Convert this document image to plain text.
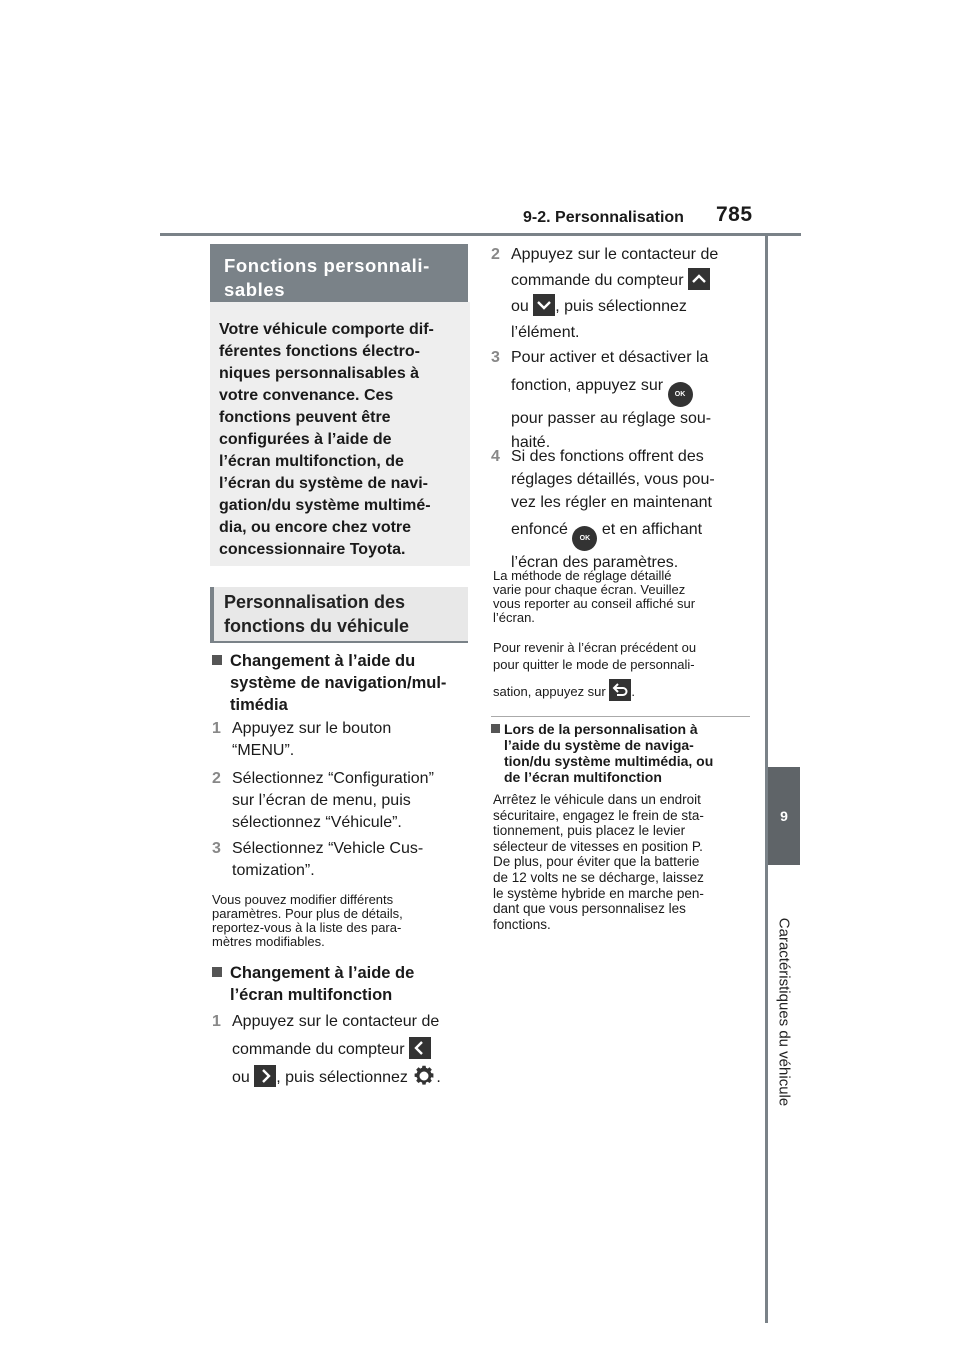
9-2. Personnalisation 785
9
Caractéristiques du véhicule
Fonctions personnali-
sables
Votre véhicule comporte dif-
férentes fonctions électro-
niques personnalisables à
votre convenance. Ces
fonctions peuvent être
configurées à l’aide de
l’écran multifonction, de
l’écran du système de navi-
gation/du système multimé-
dia, ou encore chez votre
concessionnaire Toyota.
Personnalisation des
fonctions du véhicule
Changement à l’aide du
système de navigation/mul-
timédia
1 Appuyez sur le bouton
“MENU”.
2 Sélectionnez “Configuration”
sur l’écran de menu, puis
sélectionnez “Véhicule”.
3 Sélectionnez “Vehicle Cus-
tomization”.
Vous pouvez modifier différents
paramètres. Pour plus de détails,
reportez-vous à la liste des para-
mètres modifiables.
Changement à l’aide de
l’écran multifonction
1 Appuyez sur le contacteur de
commande du compteur

ou , puis sélectionnez .
2 Appuyez sur le contacteur de
commande du compteur

ou , puis sélectionnez
l’élément.
3 Pour activer et désactiver la
fonction, appuyez sur OK
pour passer au réglage sou-
haité.
4 Si des fonctions offrent des
réglages détaillés, vous pou-
vez les régler en maintenant
enfoncé OK et en affichant
l’écran des paramètres.
La méthode de réglage détaillé
varie pour chaque écran. Veuillez
vous reporter au conseil affiché sur
l’écran.
Pour revenir à l’écran précédent ou
pour quitter le mode de personnali-
sation, appuyez sur .
Lors de la personnalisation à
l’aide du système de naviga-
tion/du système multimédia, ou
de l’écran multifonction
Arrêtez le véhicule dans un endroit
sécuritaire, engagez le frein de sta-
tionnement, puis placez le levier
sélecteur de vitesses en position P.
De plus, pour éviter que la batterie
de 12 volts ne se décharge, laissez
le système hybride en marche pen-
dant que vous personnalisez les
fonctions.
